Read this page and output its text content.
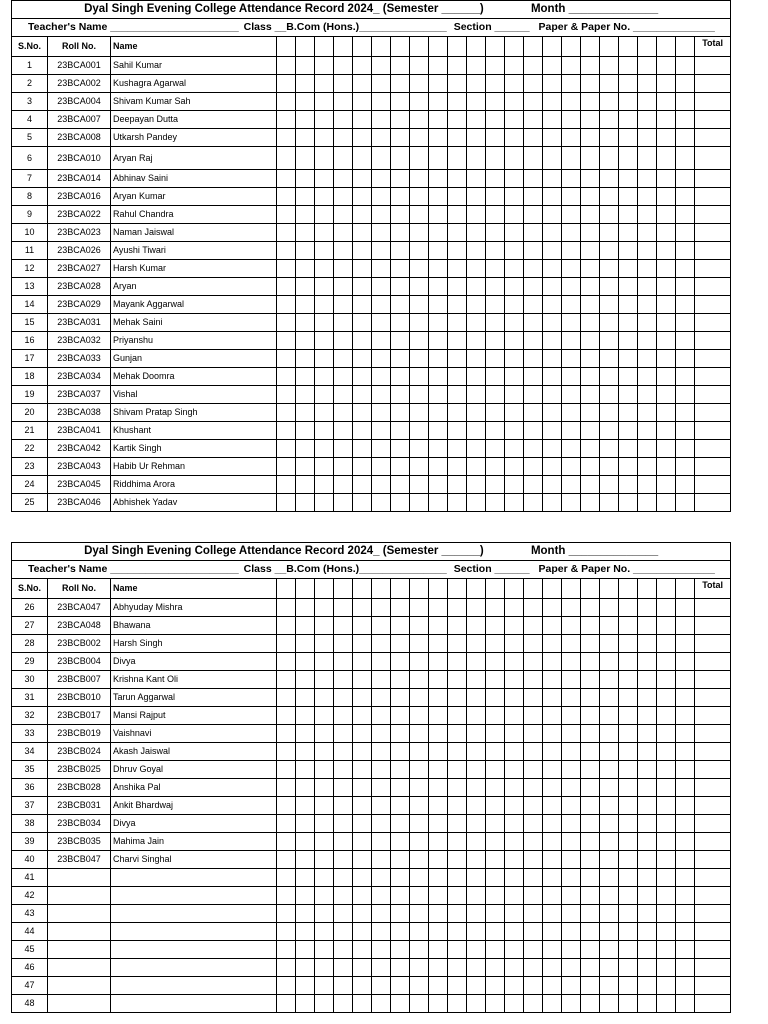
Dyal Singh Evening College Attendance Record 2024_ (Semester ______) Month ______________																									
Teacher's Name ______________________ Class __B.Com (Hons.)_______________ Section ______ Paper & Paper No. ______________																									
S.No.	Roll No.	Name																							Total
1	23BCA001	Sahil Kumar																							
2	23BCA002	Kushagra Agarwal																							
3	23BCA004	Shivam Kumar Sah																							
4	23BCA007	Deepayan Dutta																							
5	23BCA008	Utkarsh Pandey																							
6	23BCA010	Aryan Raj																							
7	23BCA014	Abhinav Saini																							
8	23BCA016	Aryan Kumar																							
9	23BCA022	Rahul Chandra																							
10	23BCA023	Naman Jaiswal																							
11	23BCA026	Ayushi Tiwari																							
12	23BCA027	Harsh Kumar																							
13	23BCA028	Aryan																							
14	23BCA029	Mayank Aggarwal																							
15	23BCA031	Mehak Saini																							
16	23BCA032	Priyanshu																							
17	23BCA033	Gunjan																							
18	23BCA034	Mehak Doomra																							
19	23BCA037	Vishal																							
20	23BCA038	Shivam Pratap Singh																							
21	23BCA041	Khushant																							
22	23BCA042	Kartik Singh																							
23	23BCA043	Habib Ur Rehman																							
24	23BCA045	Riddhima Arora																							
25	23BCA046	Abhishek Yadav																							
Dyal Singh Evening College Attendance Record 2024_ (Semester ______) Month ______________																									
Teacher's Name ______________________ Class __B.Com (Hons.)_______________ Section ______ Paper & Paper No. ______________																									
S.No.	Roll No.	Name																							Total
26	23BCA047	Abhyuday Mishra																							
27	23BCA048	Bhawana																							
28	23BCB002	Harsh Singh																							
29	23BCB004	Divya																							
30	23BCB007	Krishna Kant Oli																							
31	23BCB010	Tarun Aggarwal																							
32	23BCB017	Mansi Rajput																							
33	23BCB019	Vaishnavi																							
34	23BCB024	Akash Jaiswal																							
35	23BCB025	Dhruv Goyal																							
36	23BCB028	Anshika Pal																							
37	23BCB031	Ankit Bhardwaj																							
38	23BCB034	Divya																							
39	23BCB035	Mahima Jain																							
40	23BCB047	Charvi Singhal																							
41																									
42																									
43																									
44																									
45																									
46																									
47																									
48																									
